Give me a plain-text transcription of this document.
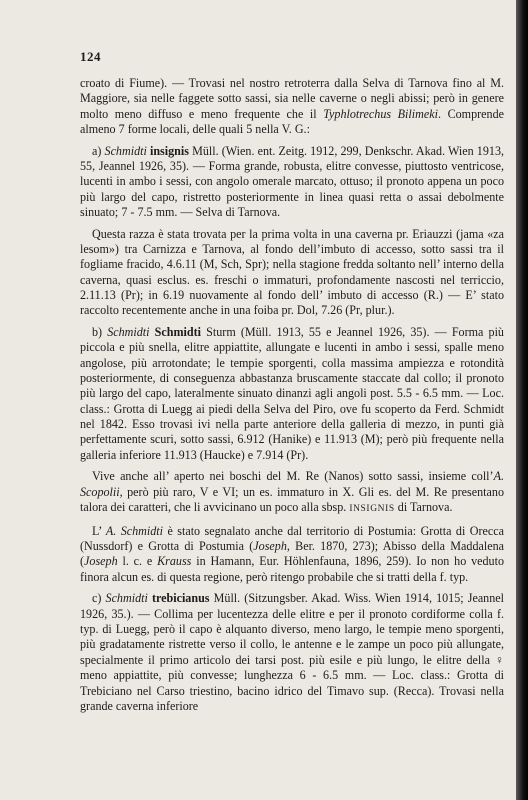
124

croato di Fiume). — Trovasi nel nostro retroterra dalla Selva di Tarnova fino al M. Maggiore, sia nelle faggete sotto sassi, sia nelle caverne o negli abissi; però in genere molto meno diffuso e meno frequente che il Typhlotrechus Bilimeki. Comprende almeno 7 forme locali, delle quali 5 nella V. G.:

a) Schmidti insignis Müll. (Wien. ent. Zeitg. 1912, 299, Denkschr. Akad. Wien 1913, 55, Jeannel 1926, 35). — Forma grande, robusta, elitre convesse, piuttosto ventricose, lucenti in ambo i sessi, con angolo omerale marcato, ottuso; il pronoto appena un poco più largo del capo, ristretto posteriormente in linea quasi retta o assai debolmente sinuato; 7 - 7.5 mm. — Selva di Tarnova.

Questa razza è stata trovata per la prima volta in una caverna pr. Eriauzzi (jama «za lesom») tra Carnizza e Tarnova, al fondo dell’imbuto di accesso, sotto sassi tra il fogliame fracido, 4.6.11 (M, Sch, Spr); nella stagione fredda soltanto nell’ interno della caverna, quasi esclus. es. freschi o immaturi, profondamente nascosti nel terriccio, 2.11.13 (Pr); in 6.19 nuovamente al fondo dell’ imbuto di accesso (R.) — E’ stato raccolto recentemente anche in una foiba pr. Dol, 7.26 (Pr, plur.).

b) Schmidti Schmidti Sturm (Müll. 1913, 55 e Jeannel 1926, 35). — Forma più piccola e più snella, elitre appiattite, allungate e lucenti in ambo i sessi, spalle meno angolose, più arrotondate; le tempie sporgenti, colla massima ampiezza e rotondità posteriormente, di conseguenza abbastanza bruscamente staccate dal collo; il pronoto più largo del capo, lateralmente sinuato dinanzi agli angoli post. 5.5 - 6.5 mm. — Loc. class.: Grotta di Luegg ai piedi della Selva del Piro, ove fu scoperto da Ferd. Schmidt nel 1842. Esso trovasi ivi nella parte anteriore della galleria di mezzo, in punti già perfettamente scuri, sotto sassi, 6.912 (Hanike) e 11.913 (M); però più frequente nella galleria inferiore 11.913 (Haucke) e 7.914 (Pr).

Vive anche all’ aperto nei boschi del M. Re (Nanos) sotto sassi, insieme coll’A. Scopolii, però più raro, V e VI; un es. immaturo in X. Gli es. del M. Re presentano talora dei caratteri, che li avvicinano un poco alla sbsp. INSIGNIS di Tarnova.

L’ A. Schmidti è stato segnalato anche dal territorio di Postumia: Grotta di Orecca (Nussdorf) e Grotta di Postumia (Joseph, Ber. 1870, 273); Abisso della Maddalena (Joseph l. c. e Krauss in Hamann, Eur. Höhlenfauna, 1896, 259). Io non ho veduto finora alcun es. di questa regione, però ritengo probabile che si tratti della f. typ.

c) Schmidti trebicianus Müll. (Sitzungsber. Akad. Wiss. Wien 1914, 1015; Jeannel 1926, 35.). — Collima per lucentezza delle elitre e per il pronoto cordiforme colla f. typ. di Luegg, però il capo è alquanto diverso, meno largo, le tempie meno sporgenti, più gradatamente ristrette verso il collo, le antenne e le zampe un poco più allungate, specialmente il primo articolo dei tarsi post. più esile e più lungo, le elitre della ♀ meno appiattite, più convesse; lunghezza 6 - 6.5 mm. — Loc. class.: Grotta di Trebiciano nel Carso triestino, bacino idrico del Timavo sup. (Recca). Trovasi nella grande caverna inferiore
